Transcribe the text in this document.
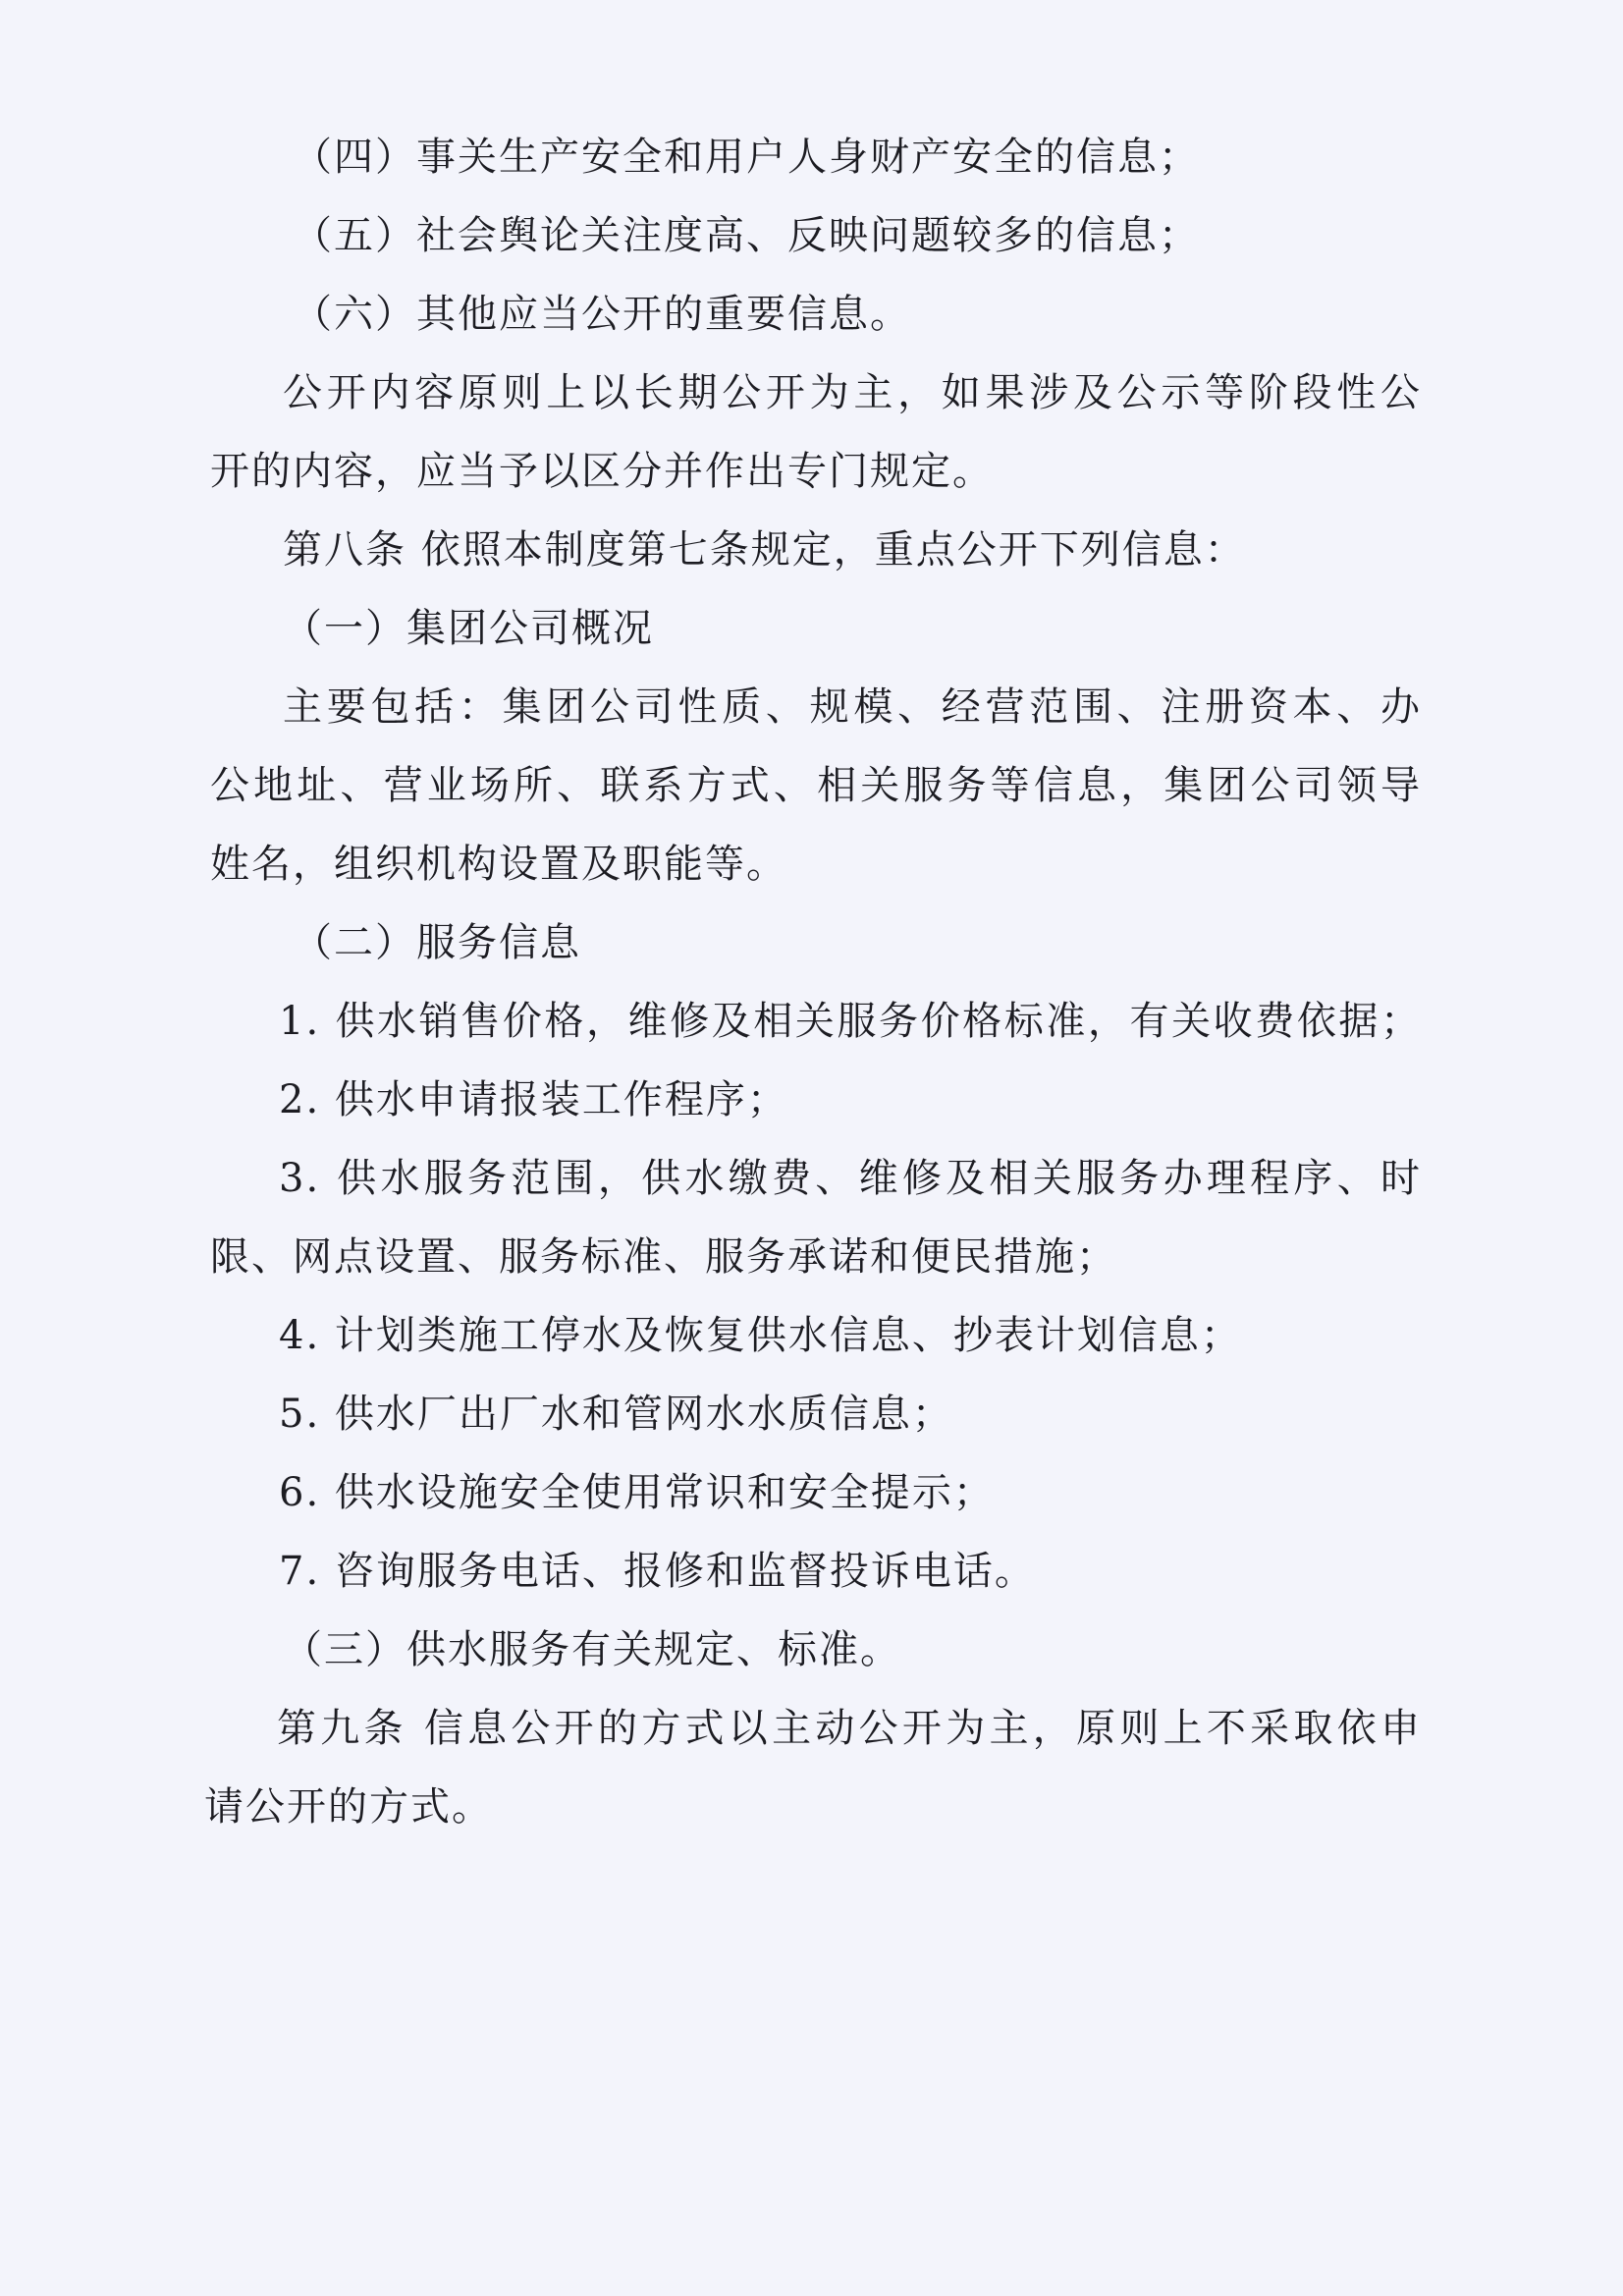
（四）事关生产安全和用户人身财产安全的信息；
（五）社会舆论关注度高、反映问题较多的信息；
（六）其他应当公开的重要信息。
公开内容原则上以长期公开为主，如果涉及公示等阶段性公
开的内容，应当予以区分并作出专门规定。
第八条 依照本制度第七条规定，重点公开下列信息：
（一）集团公司概况
主要包括：集团公司性质、规模、经营范围、注册资本、办
公地址、营业场所、联系方式、相关服务等信息，集团公司领导
姓名，组织机构设置及职能等。
（二）服务信息
1. 供水销售价格，维修及相关服务价格标准，有关收费依据；
2. 供水申请报装工作程序；
3. 供水服务范围，供水缴费、维修及相关服务办理程序、时
限、网点设置、服务标准、服务承诺和便民措施；
4. 计划类施工停水及恢复供水信息、抄表计划信息；
5. 供水厂出厂水和管网水水质信息；
6. 供水设施安全使用常识和安全提示；
7. 咨询服务电话、报修和监督投诉电话。
（三）供水服务有关规定、标准。
第九条 信息公开的方式以主动公开为主，原则上不采取依申
请公开的方式。
